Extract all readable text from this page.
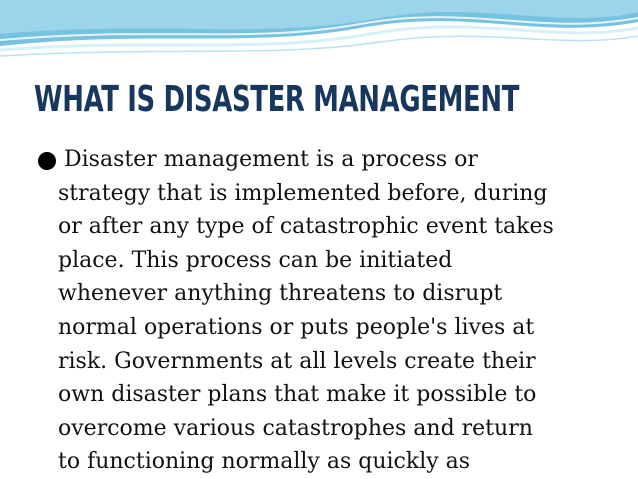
WHAT IS DISASTER MANAGEMENT
Disaster management is a process or
strategy that is implemented before, during
or after any type of catastrophic event takes
place. This process can be initiated
whenever anything threatens to disrupt
normal operations or puts people's lives at
risk. Governments at all levels create their
own disaster plans that make it possible to
overcome various catastrophes and return
to functioning normally as quickly as
